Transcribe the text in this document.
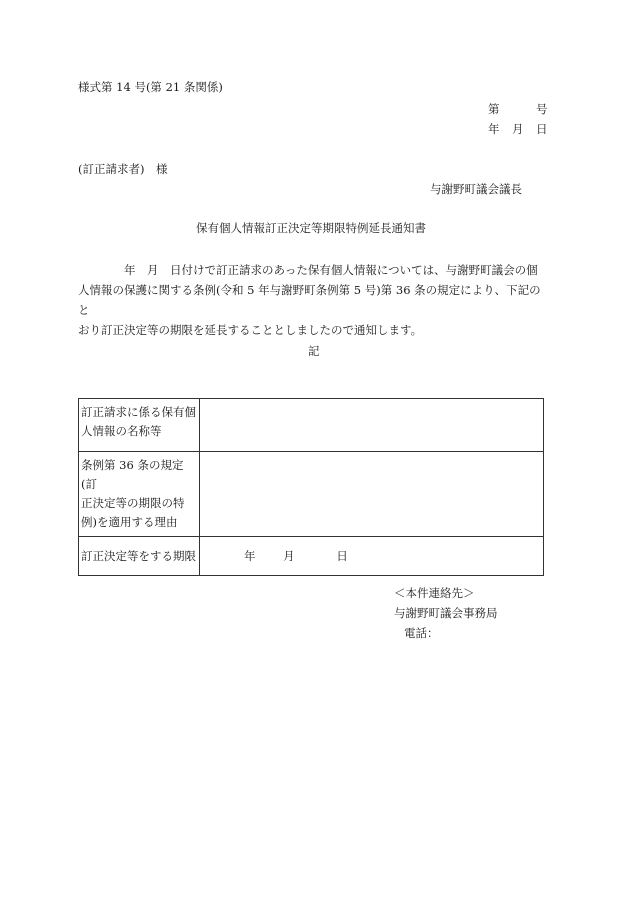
様式第 14 号(第 21 条関係)
第	号
年 月 日
(訂正請求者)　様
与謝野町議会議長
保有個人情報訂正決定等期限特例延長通知書

年　月　日付けで訂正請求のあった保有個人情報については、与謝野町議会の個

人情報の保護に関する条例(令和 5 年与謝野町条例第 5 号)第 36 条の規定により、下記のと

おり訂正決定等の期限を延長することとしましたので通知します。

記
訂正請求に係る保有個
人情報の名称等	

条例第 36 条の規定(訂
正決定等の期限の特
例)を適用する理由	

訂正決定等をする期限	年 月 日
＜本件連絡先＞
与謝野町議会事務局
電話：
